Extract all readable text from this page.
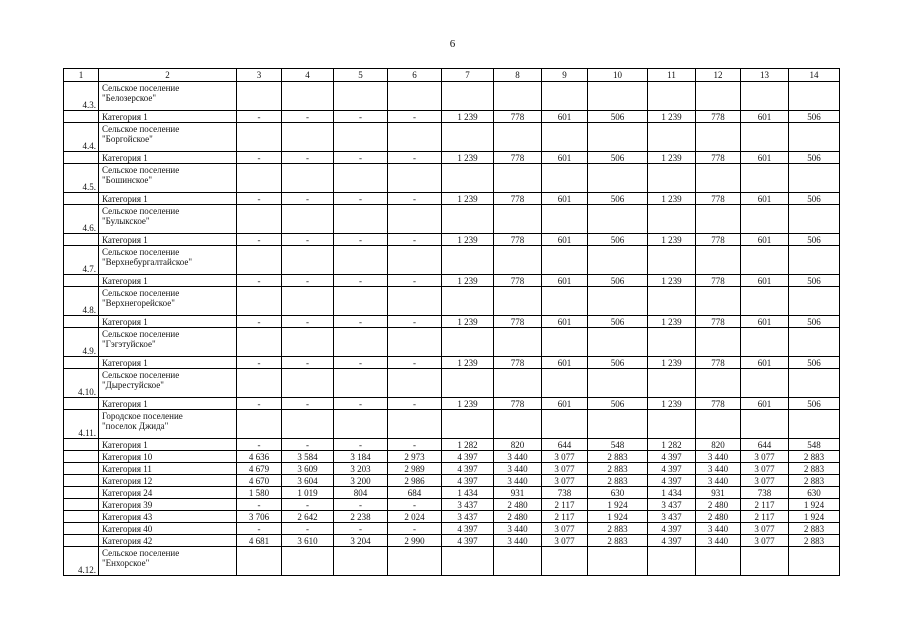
6
1	2	3	4	5	6	7	8	9	10	11	12	13	14
4.3.	Сельское поселение
"Белозерское"												

	Категория 1	-	-	-	-	1 239	778	601	506	1 239	778	601	506
4.4.	Сельское поселение
"Боргойское"												

	Категория 1	-	-	-	-	1 239	778	601	506	1 239	778	601	506
4.5.	Сельское поселение
"Бошинское"												

	Категория 1	-	-	-	-	1 239	778	601	506	1 239	778	601	506
4.6.	Сельское поселение
"Булыкское"												

	Категория 1	-	-	-	-	1 239	778	601	506	1 239	778	601	506
4.7.	Сельское поселение
"Верхнебургалтайское"												

	Категория 1	-	-	-	-	1 239	778	601	506	1 239	778	601	506
4.8.	Сельское поселение
"Верхнегорейское"												

	Категория 1	-	-	-	-	1 239	778	601	506	1 239	778	601	506
4.9.	Сельское поселение
"Гэгэтуйское"												

	Категория 1	-	-	-	-	1 239	778	601	506	1 239	778	601	506
4.10.	Сельское поселение
"Дырестуйское"												

	Категория 1	-	-	-	-	1 239	778	601	506	1 239	778	601	506
4.11.	Городское поселение
"поселок Джида"												

	Категория 1	-	-	-	-	1 282	820	644	548	1 282	820	644	548
	Категория 10	4 636	3 584	3 184	2 973	4 397	3 440	3 077	2 883	4 397	3 440	3 077	2 883
	Категория 11	4 679	3 609	3 203	2 989	4 397	3 440	3 077	2 883	4 397	3 440	3 077	2 883
	Категория 12	4 670	3 604	3 200	2 986	4 397	3 440	3 077	2 883	4 397	3 440	3 077	2 883
	Категория 24	1 580	1 019	804	684	1 434	931	738	630	1 434	931	738	630
	Категория 39	-	-	-	-	3 437	2 480	2 117	1 924	3 437	2 480	2 117	1 924
	Категория 43	3 706	2 642	2 238	2 024	3 437	2 480	2 117	1 924	3 437	2 480	2 117	1 924
	Категория 40	-	-	-	-	4 397	3 440	3 077	2 883	4 397	3 440	3 077	2 883
	Категория 42	4 681	3 610	3 204	2 990	4 397	3 440	3 077	2 883	4 397	3 440	3 077	2 883
4.12.	Сельское поселение
"Енхорское"												
